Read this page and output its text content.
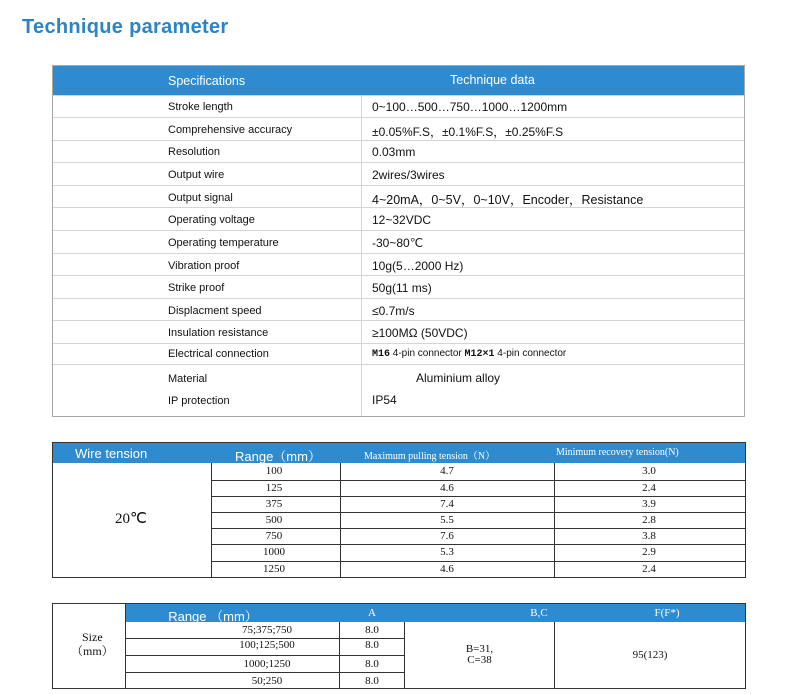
Technique parameter
Specifications	Technique data
Stroke length	0~100…500…750…1000…1200mm
Comprehensive accuracy	±0.05%F.S，±0.1%F.S，±0.25%F.S
Resolution	0.03mm
Output wire	2wires/3wires
Output signal	4~20mA，0~5V，0~10V，Encoder，Resistance
Operating voltage	12~32VDC
Operating temperature	-30~80℃
Vibration proof	10g(5…2000 Hz)
Strike proof	50g(11 ms)
Displacment speed	≤0.7m/s
Insulation resistance	≥100MΩ (50VDC)
Electrical connection	M16 4-pin connector M12×1 4-pin connector
Material	Aluminium alloy
IP protection	IP54
Wire tension	Range（mm）	Maximum pulling tension（N）	Minimum recovery tension(N)
20℃
100	4.7	3.0
125	4.6	2.4
375	7.4	3.9
500	5.5	2.8
750	7.6	3.8
1000	5.3	2.9
1250	4.6	2.4
Range （mm）	A	B,C	F(F*)
Size
（mm）
75;375;750	8.0
100;125;500	8.0
1000;1250	8.0
50;250	8.0
B=31,
C=38	95(123)
